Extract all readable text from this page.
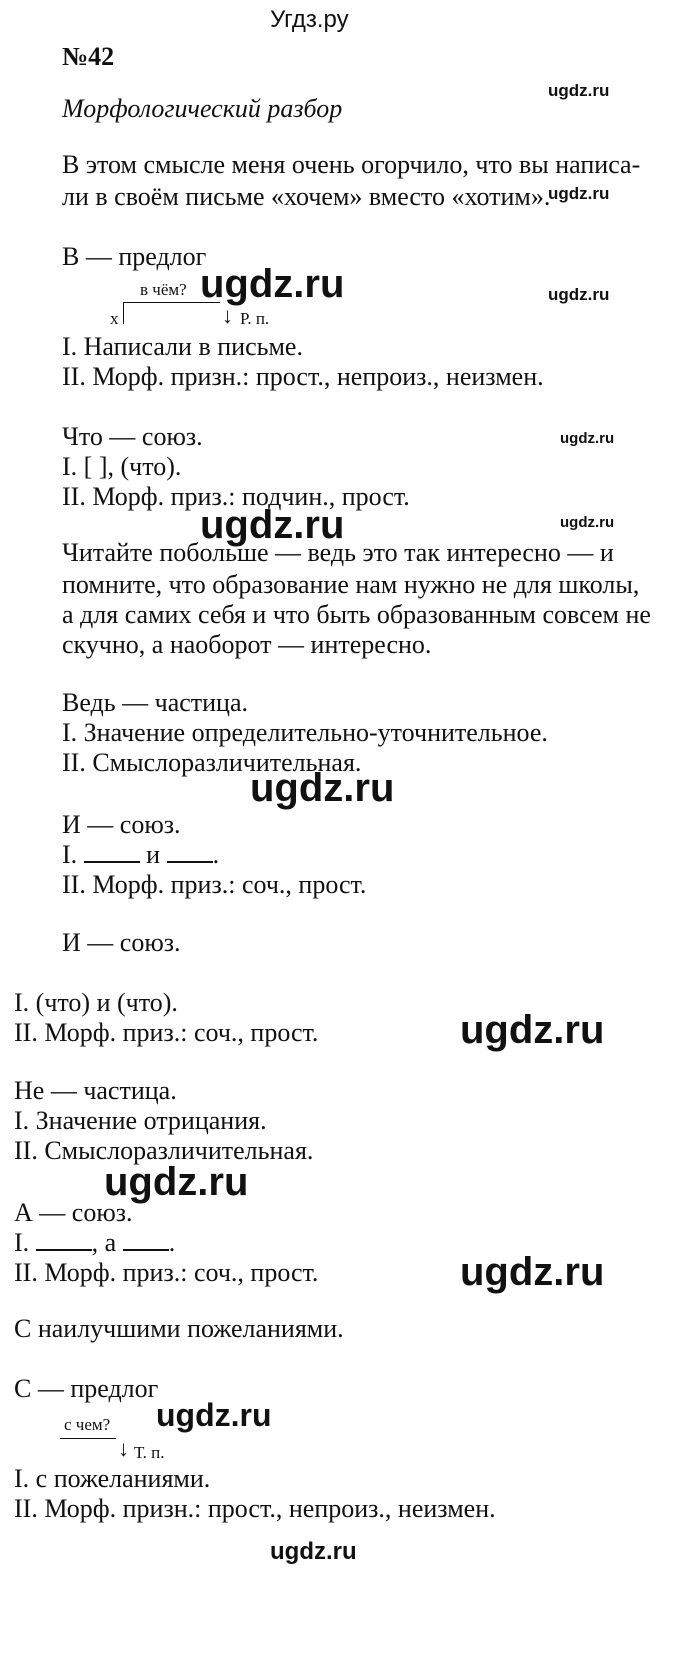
Угдз.ру
№42
Морфологический разбор
ugdz.ru
В этом смысле меня очень огорчило, что вы написа-
ли в своём письме «хочем» вместо «хотим».
ugdz.ru
В — предлог
в чём? ugdz.ru	ugdz.ru
х	↓ Р. п.
I. Написали в письме.
II. Морф. призн.: прост., непроиз., неизмен.
Что — союз.	ugdz.ru
I. [ ], (что).
II. Морф. приз.: подчин., прост.
ugdz.ru	ugdz.ru
Читайте побольше — ведь это так интересно — и
помните, что образование нам нужно не для школы,
а для самих себя и что быть образованным совсем не
скучно, а наоборот — интересно.
Ведь — частица.
I. Значение определительно-уточнительное.
II. Смыслоразличительная.
ugdz.ru
И — союз.
I.	и .
II. Морф. приз.: соч., прост.
И — союз.
I. (что) и (что).
II. Морф. приз.: соч., прост.	ugdz.ru
Не — частица.
I. Значение отрицания.
II. Смыслоразличительная.
ugdz.ru
А — союз.
I. , а .
II. Морф. приз.: соч., прост.	ugdz.ru
С наилучшими пожеланиями.
С — предлог
с чем? ugdz.ru
↓ Т. п.
I. с пожеланиями.
II. Морф. призн.: прост., непроиз., неизмен.
ugdz.ru
